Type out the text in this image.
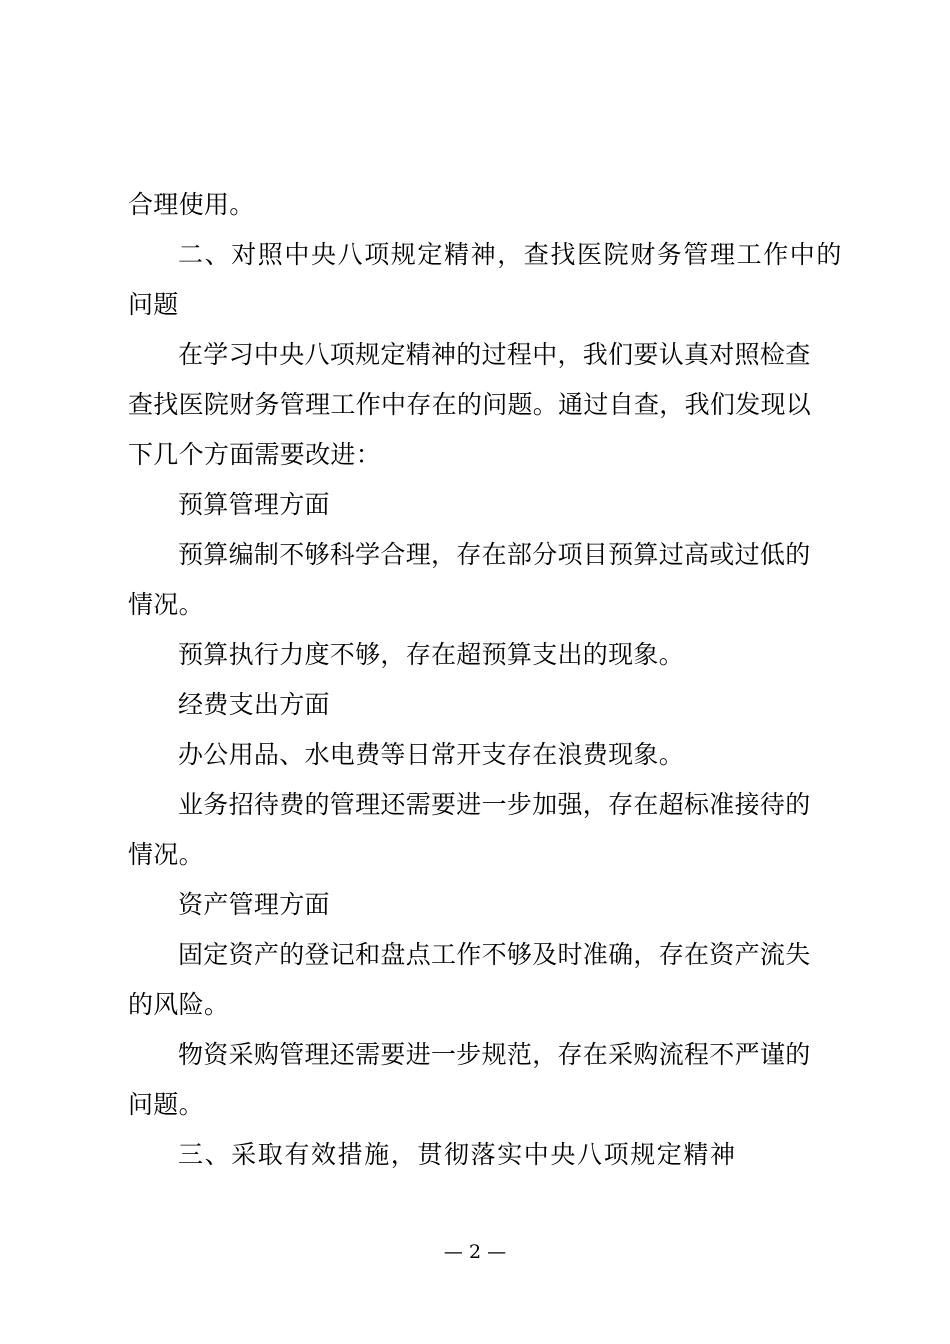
合理使用。
二、对照中央八项规定精神，查找医院财务管理工作中的
问题
在学习中央八项规定精神的过程中，我们要认真对照检查
查找医院财务管理工作中存在的问题。通过自查，我们发现以
下几个方面需要改进：
预算管理方面
预算编制不够科学合理，存在部分项目预算过高或过低的
情况。
预算执行力度不够，存在超预算支出的现象。
经费支出方面
办公用品、水电费等日常开支存在浪费现象。
业务招待费的管理还需要进一步加强，存在超标准接待的
情况。
资产管理方面
固定资产的登记和盘点工作不够及时准确，存在资产流失
的风险。
物资采购管理还需要进一步规范，存在采购流程不严谨的
问题。
三、采取有效措施，贯彻落实中央八项规定精神
— 2 —
